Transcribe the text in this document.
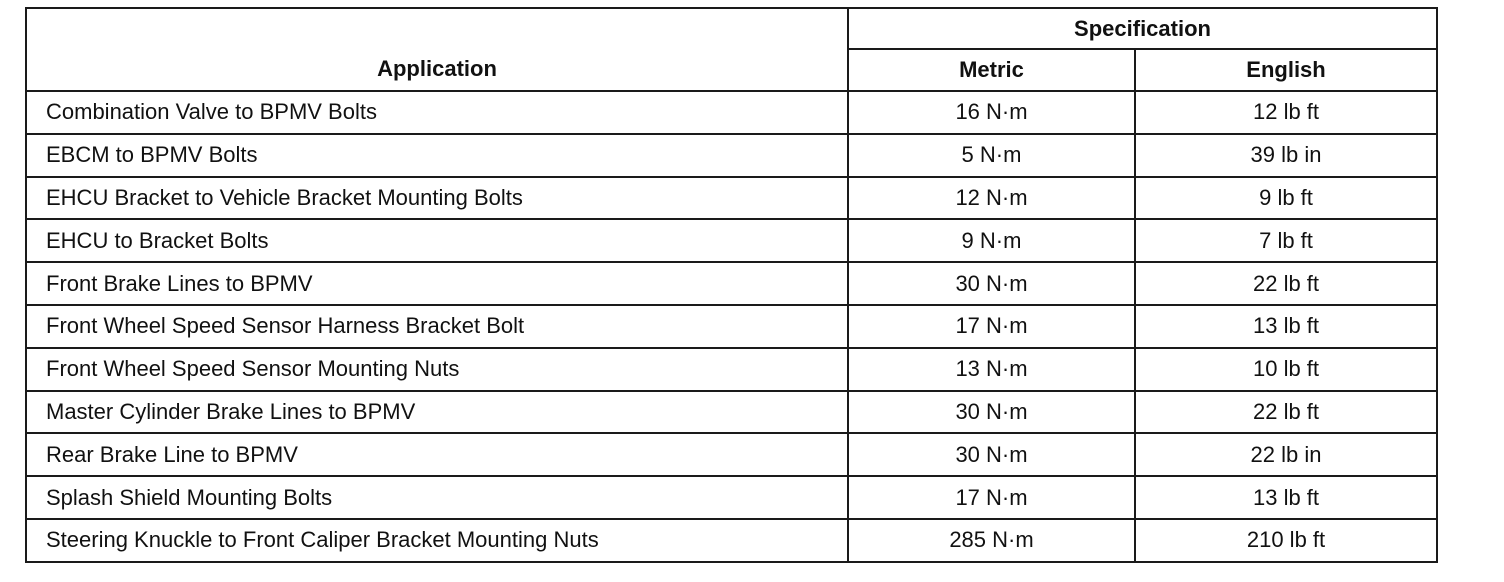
Application	Specification	
	Metric	English
Combination Valve to BPMV Bolts	16 N·m	12 lb ft
EBCM to BPMV Bolts	5 N·m	39 lb in
EHCU Bracket to Vehicle Bracket Mounting Bolts	12 N·m	9 lb ft
EHCU to Bracket Bolts	9 N·m	7 lb ft
Front Brake Lines to BPMV	30 N·m	22 lb ft
Front Wheel Speed Sensor Harness Bracket Bolt	17 N·m	13 lb ft
Front Wheel Speed Sensor Mounting Nuts	13 N·m	10 lb ft
Master Cylinder Brake Lines to BPMV	30 N·m	22 lb ft
Rear Brake Line to BPMV	30 N·m	22 lb in
Splash Shield Mounting Bolts	17 N·m	13 lb ft
Steering Knuckle to Front Caliper Bracket Mounting Nuts	285 N·m	210 lb ft
